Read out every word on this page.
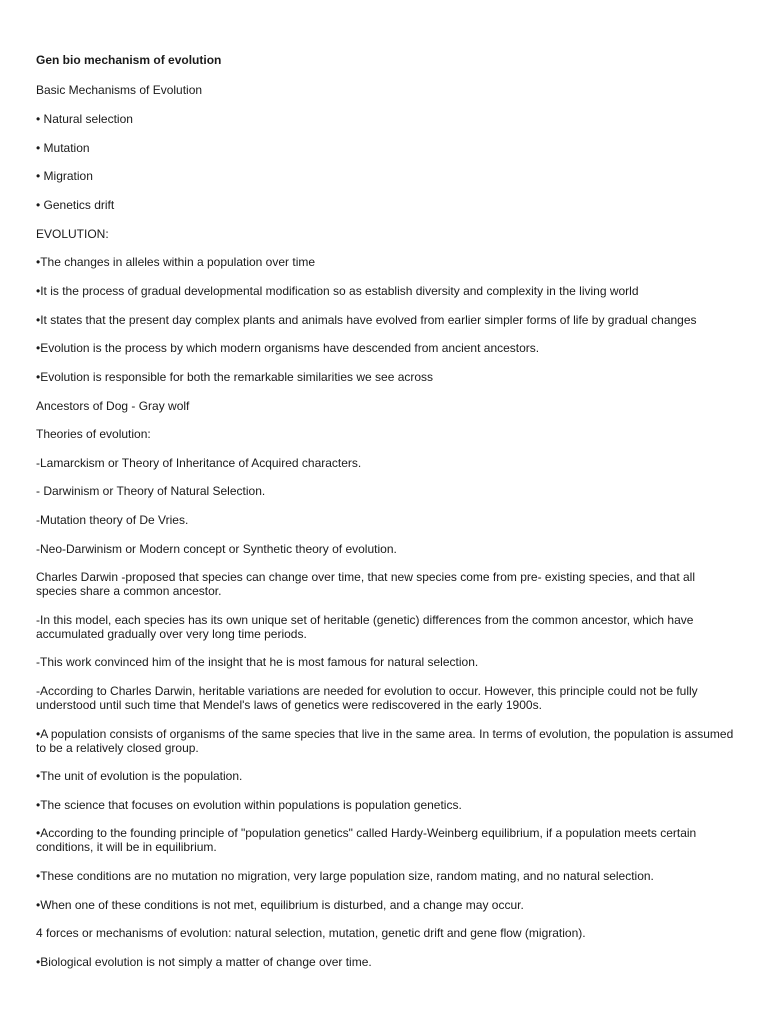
Gen bio mechanism of evolution

Basic Mechanisms of Evolution

• Natural selection

• Mutation

• Migration

• Genetics drift

EVOLUTION:

•The changes in alleles within a population over time

•It is the process of gradual developmental modification so as establish diversity and complexity in the living world

•It states that the present day complex plants and animals have evolved from earlier simpler forms of life by gradual changes

•Evolution is the process by which modern organisms have descended from ancient ancestors.

•Evolution is responsible for both the remarkable similarities we see across

Ancestors of Dog - Gray wolf

Theories of evolution:

-Lamarckism or Theory of Inheritance of Acquired characters.

- Darwinism or Theory of Natural Selection.

-Mutation theory of De Vries.

-Neo-Darwinism or Modern concept or Synthetic theory of evolution.

Charles Darwin -proposed that species can change over time, that new species come from pre- existing species, and that all species share a common ancestor.

-In this model, each species has its own unique set of heritable (genetic) differences from the common ancestor, which have accumulated gradually over very long time periods.

-This work convinced him of the insight that he is most famous for natural selection.

-According to Charles Darwin, heritable variations are needed for evolution to occur. However, this principle could not be fully understood until such time that Mendel's laws of genetics were rediscovered in the early 1900s.

•A population consists of organisms of the same species that live in the same area. In terms of evolution, the population is assumed to be a relatively closed group.

•The unit of evolution is the population.

•The science that focuses on evolution within populations is population genetics.

•According to the founding principle of "population genetics" called Hardy-Weinberg equilibrium, if a population meets certain conditions, it will be in equilibrium.

•These conditions are no mutation no migration, very large population size, random mating, and no natural selection.

•When one of these conditions is not met, equilibrium is disturbed, and a change may occur.

4 forces or mechanisms of evolution: natural selection, mutation, genetic drift and gene flow (migration).

•Biological evolution is not simply a matter of change over time.
